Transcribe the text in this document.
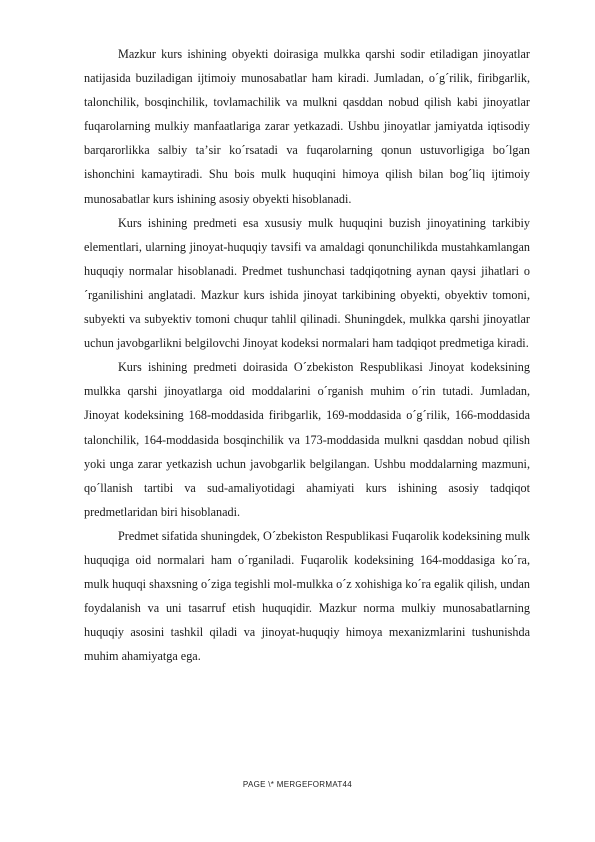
Mazkur kurs ishining obyekti doirasiga mulkka qarshi sodir etiladigan jinoyatlar natijasida buziladigan ijtimoiy munosabatlar ham kiradi. Jumladan, o´g´rilik, firibgarlik, talonchilik, bosqinchilik, tovlamachilik va mulkni qasddan nobud qilish kabi jinoyatlar fuqarolarning mulkiy manfaatlariga zarar yetkazadi. Ushbu jinoyatlar jamiyatda iqtisodiy barqarorlikka salbiy taʼsir ko´rsatadi va fuqarolarning qonun ustuvorligiga bo´lgan ishonchini kamaytiradi. Shu bois mulk huquqini himoya qilish bilan bog´liq ijtimoiy munosabatlar kurs ishining asosiy obyekti hisoblanadi.

Kurs ishining predmeti esa xususiy mulk huquqini buzish jinoyatining tarkibiy elementlari, ularning jinoyat-huquqiy tavsifi va amaldagi qonunchilikda mustahkamlangan huquqiy normalar hisoblanadi. Predmet tushunchasi tadqiqotning aynan qaysi jihatlari o´rganilishini anglatadi. Mazkur kurs ishida jinoyat tarkibining obyekti, obyektiv tomoni, subyekti va subyektiv tomoni chuqur tahlil qilinadi. Shuningdek, mulkka qarshi jinoyatlar uchun javobgarlikni belgilovchi Jinoyat kodeksi normalari ham tadqiqot predmetiga kiradi.

Kurs ishining predmeti doirasida O´zbekiston Respublikasi Jinoyat kodeksining mulkka qarshi jinoyatlarga oid moddalarini o´rganish muhim o´rin tutadi. Jumladan, Jinoyat kodeksining 168-moddasida firibgarlik, 169-moddasida o´g´rilik, 166-moddasida talonchilik, 164-moddasida bosqinchilik va 173-moddasida mulkni qasddan nobud qilish yoki unga zarar yetkazish uchun javobgarlik belgilangan. Ushbu moddalarning mazmuni, qo´llanish tartibi va sud-amaliyotidagi ahamiyati kurs ishining asosiy tadqiqot predmetlaridan biri hisoblanadi.

Predmet sifatida shuningdek, O´zbekiston Respublikasi Fuqarolik kodeksining mulk huquqiga oid normalari ham o´rganiladi. Fuqarolik kodeksining 164-moddasiga ko´ra, mulk huquqi shaxsning o´ziga tegishli mol-mulkka o´z xohishiga ko´ra egalik qilish, undan foydalanish va uni tasarruf etish huquqidir. Mazkur norma mulkiy munosabatlarning huquqiy asosini tashkil qiladi va jinoyat-huquqiy himoya mexanizmlarini tushunishda muhim ahamiyatga ega.

PAGE \* MERGEFORMAT44
